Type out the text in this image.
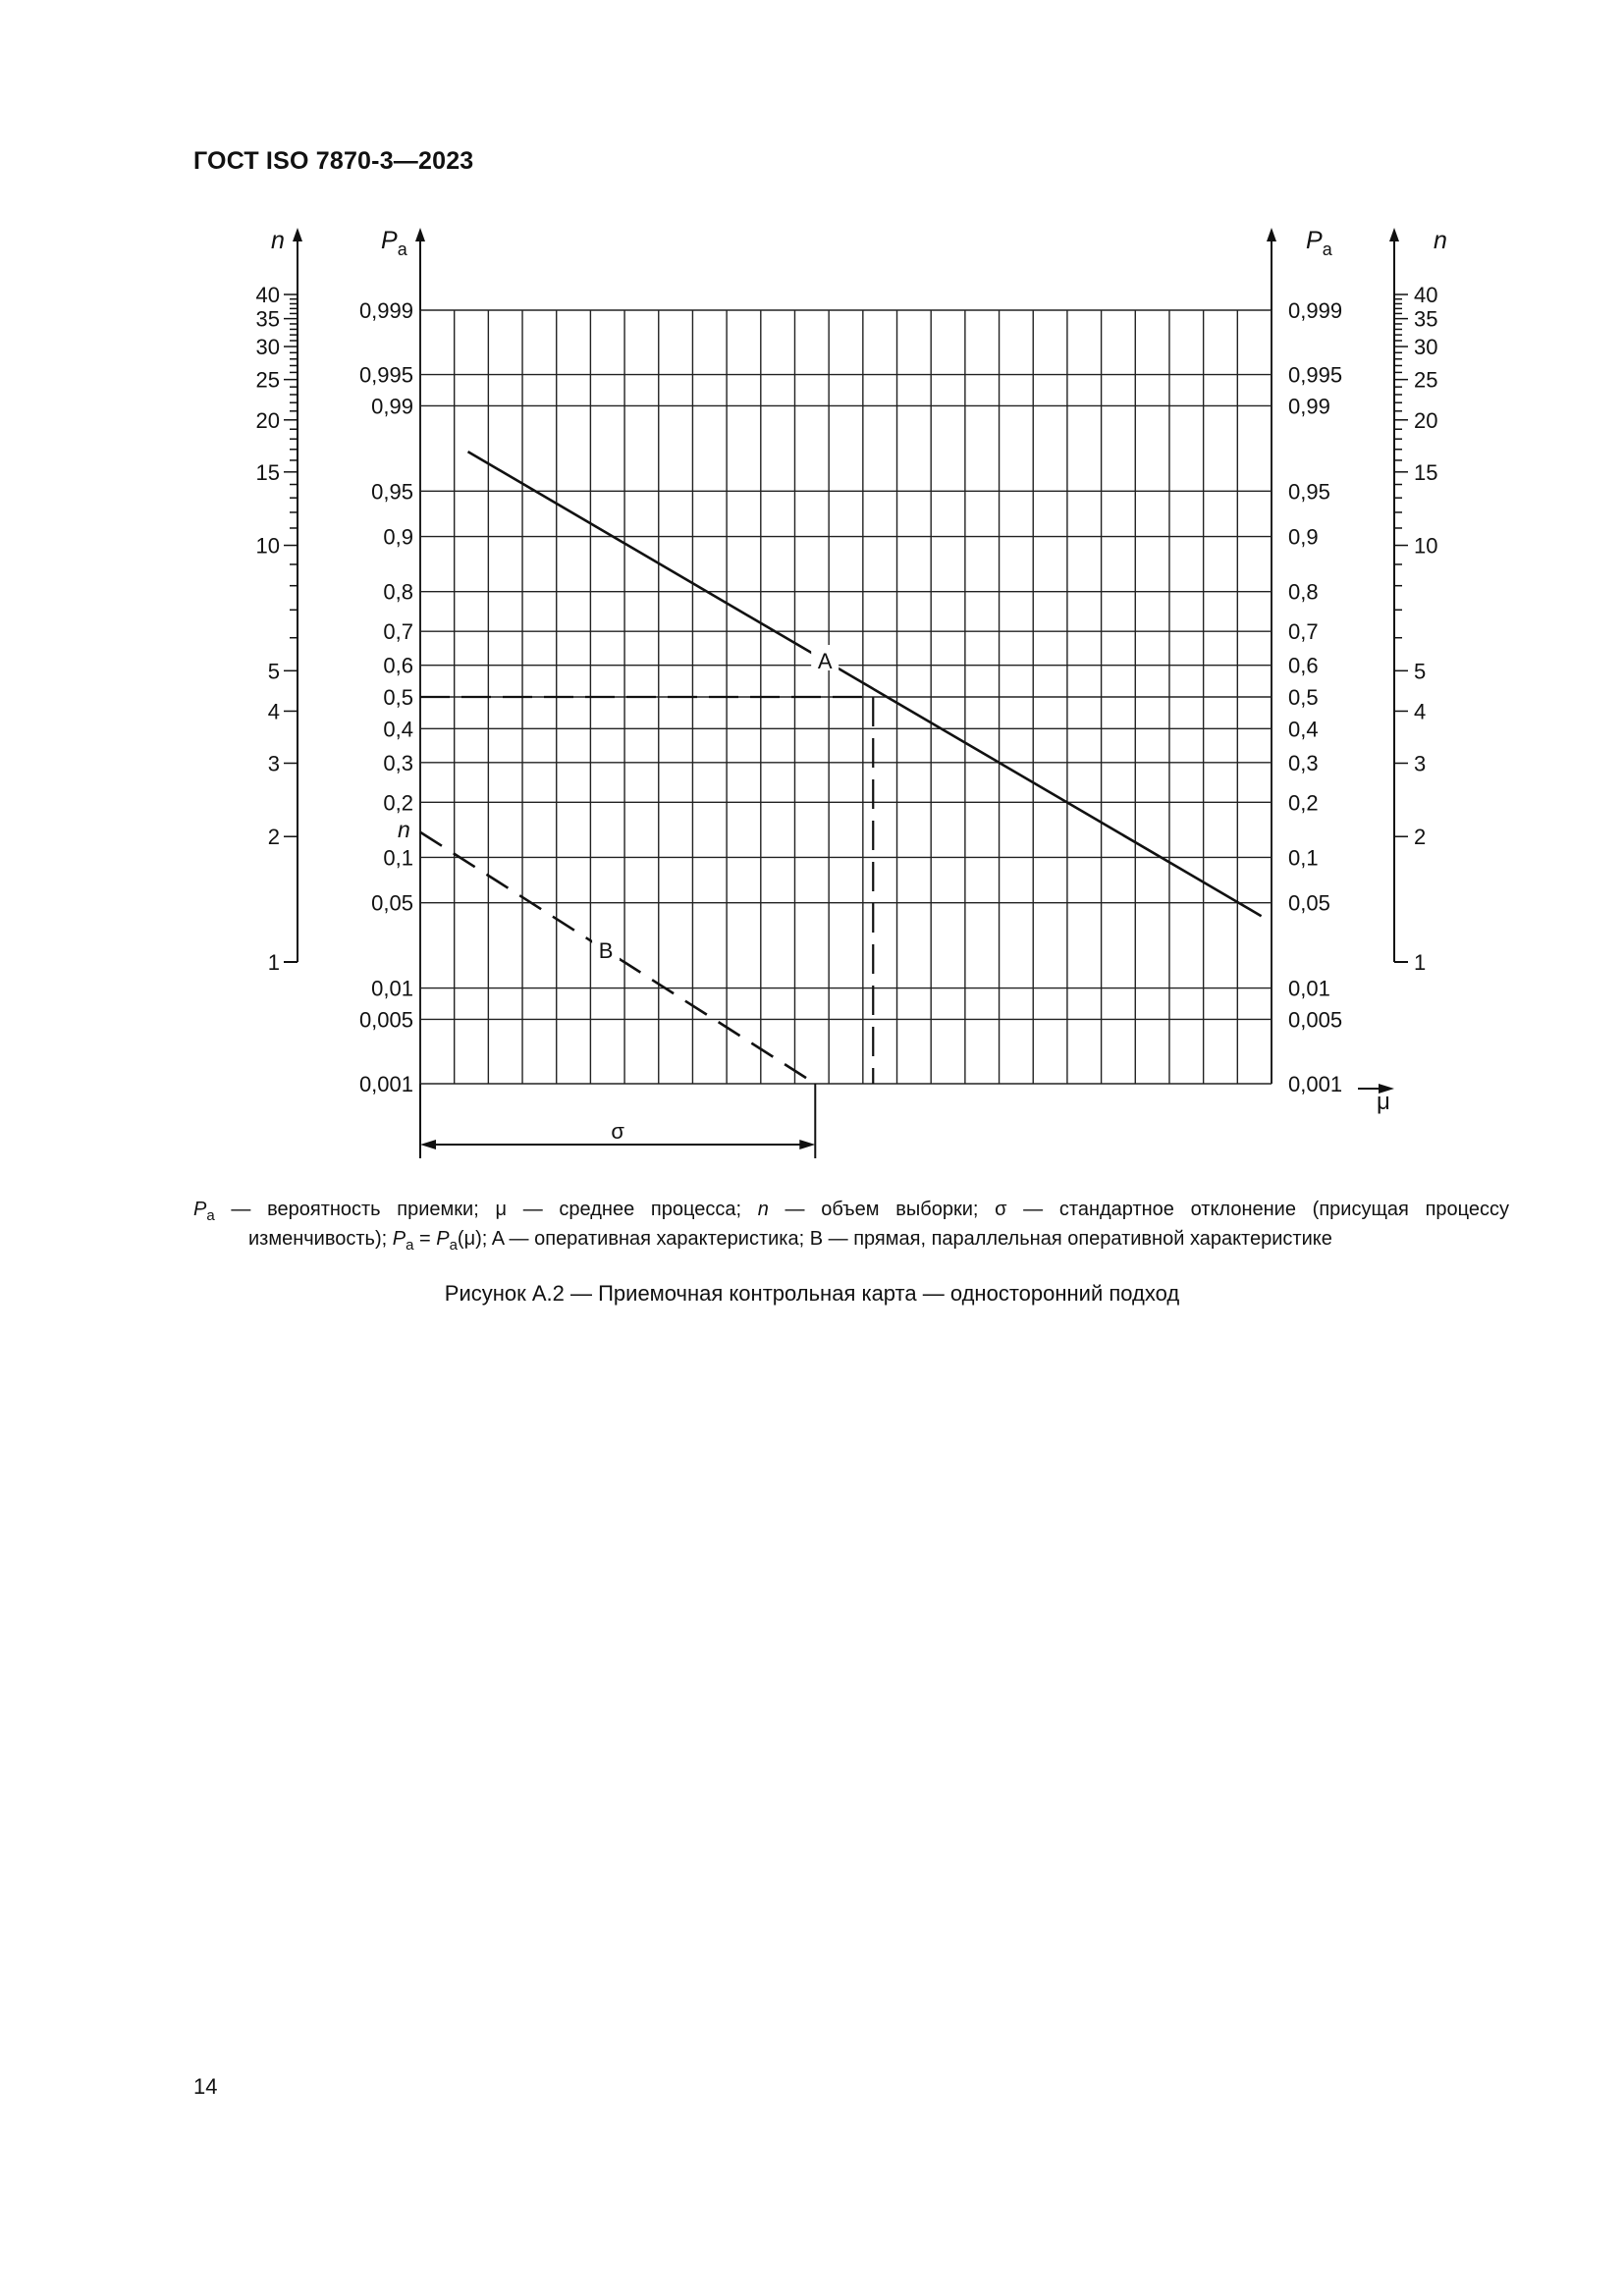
ГОСТ ISO 7870-3—2023
0,999	0,999
0,995	0,995
0,99	0,99
0,95	0,95
0,9	0,9
0,8	0,8
0,7	0,7
0,6	0,6
0,5	0,5
0,4	0,4
0,3	0,3
0,2	0,2
0,1	0,1
0,05	0,05
0,01	0,01
0,005	0,005
0,001	0,001
$P_a$	$P_a$
1
2
3
4
5
10
15
20
25
30
35
40
n
1
2
3
4
5
10
15
20
25
30
35
40
n
μ
n
A
B
σ
$P_a$ — вероятность приемки; μ — среднее процесса; n — объем выборки; σ — стандартное отклонение (присущая процессу
изменчивость); $P_a = P_a(\mu)$; A — оперативная характеристика; B — прямая, параллельная оперативной характеристике
Рисунок А.2 — Приемочная контрольная карта — односторонний подход
14
